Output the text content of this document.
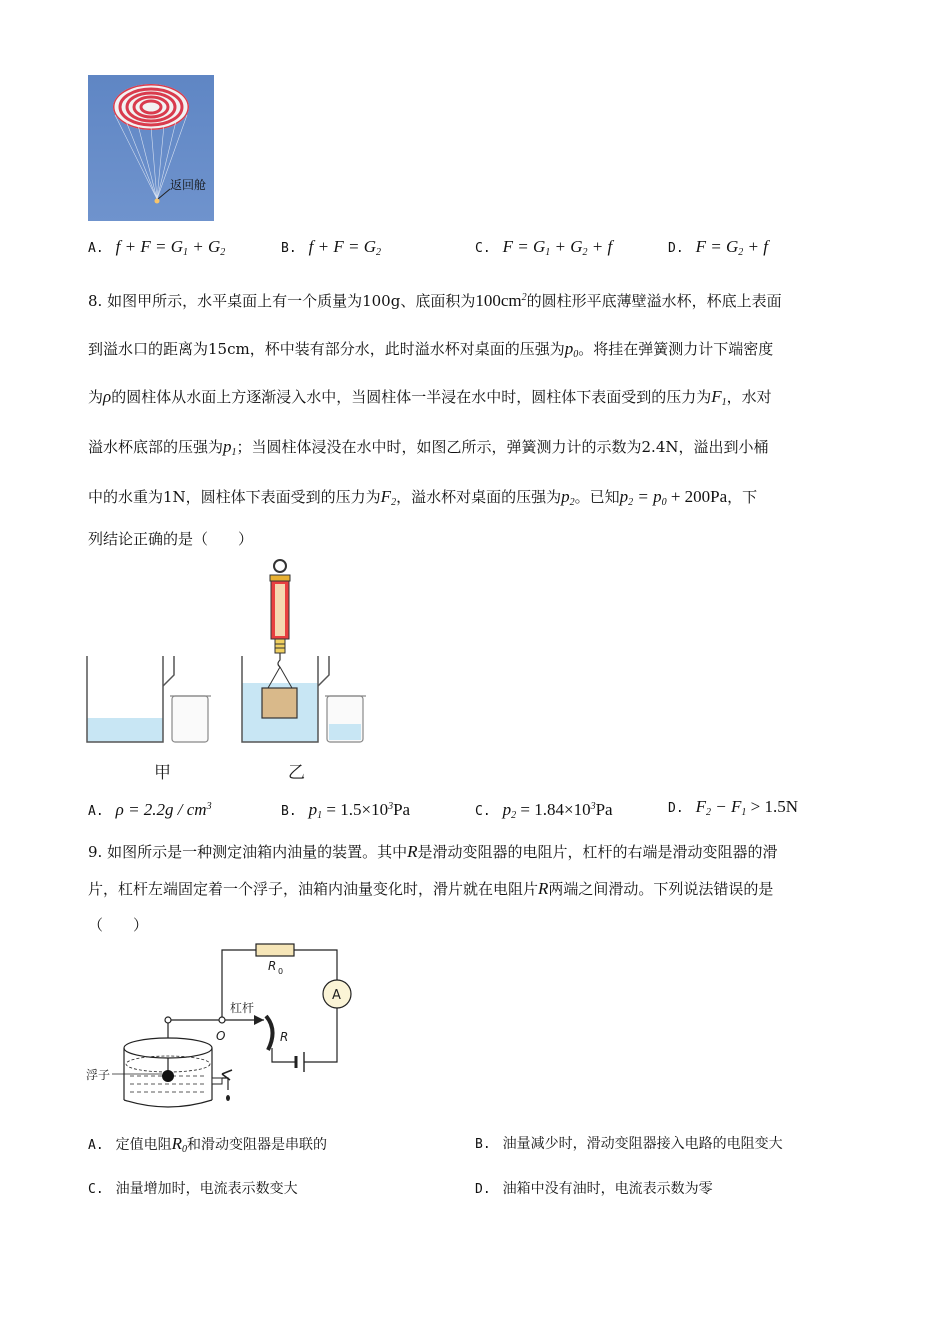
返回舱
A. $f + F = G_1 + G_2$	B. $f + F = G_2$	C. $F = G_1 + G_2 + f$	D. $F = G_2 + f$
8. 如图甲所示，水平桌面上有一个质量为100g、底面积为$100cm^2$的圆柱形平底薄壁溢水杯，杯底上表面
到溢水口的距离为15cm，杯中装有部分水，此时溢水杯对桌面的压强为$p_0$。将挂在弹簧测力计下端密度
为ρ的圆柱体从水面上方逐渐浸入水中，当圆柱体一半浸在水中时，圆柱体下表面受到的压力为$F_1$，水对
溢水杯底部的压强为$p_1$；当圆柱体浸没在水中时，如图乙所示，弹簧测力计的示数为2.4N，溢出到小桶
中的水重为1N，圆柱体下表面受到的压力为$F_2$，溢水杯对桌面的压强为$p_2$。已知$p_2 = p_0 + 200Pa$，下
列结论正确的是（　　）
甲	乙
A. $\rho = 2.2g / cm^3$	B. $p_1 = 1.5\times 10^3Pa$	C. $p_2 = 1.84\times 10^3Pa$	D. $F_2 - F_1 > 1.5N$
9. 如图所示是一种测定油箱内油量的装置。其中R是滑动变阻器的电阻片，杠杆的右端是滑动变阻器的滑
片，杠杆左端固定着一个浮子，油箱内油量变化时，滑片就在电阻片R两端之间滑动。下列说法错误的是
（　　）
R 0
A
R
杠杆
O
浮子
A. 定值电阻$R_0$和滑动变阻器是串联的	B. 油量减少时，滑动变阻器接入电路的电阻变大
C. 油量增加时，电流表示数变大	D. 油箱中没有油时，电流表示数为零
